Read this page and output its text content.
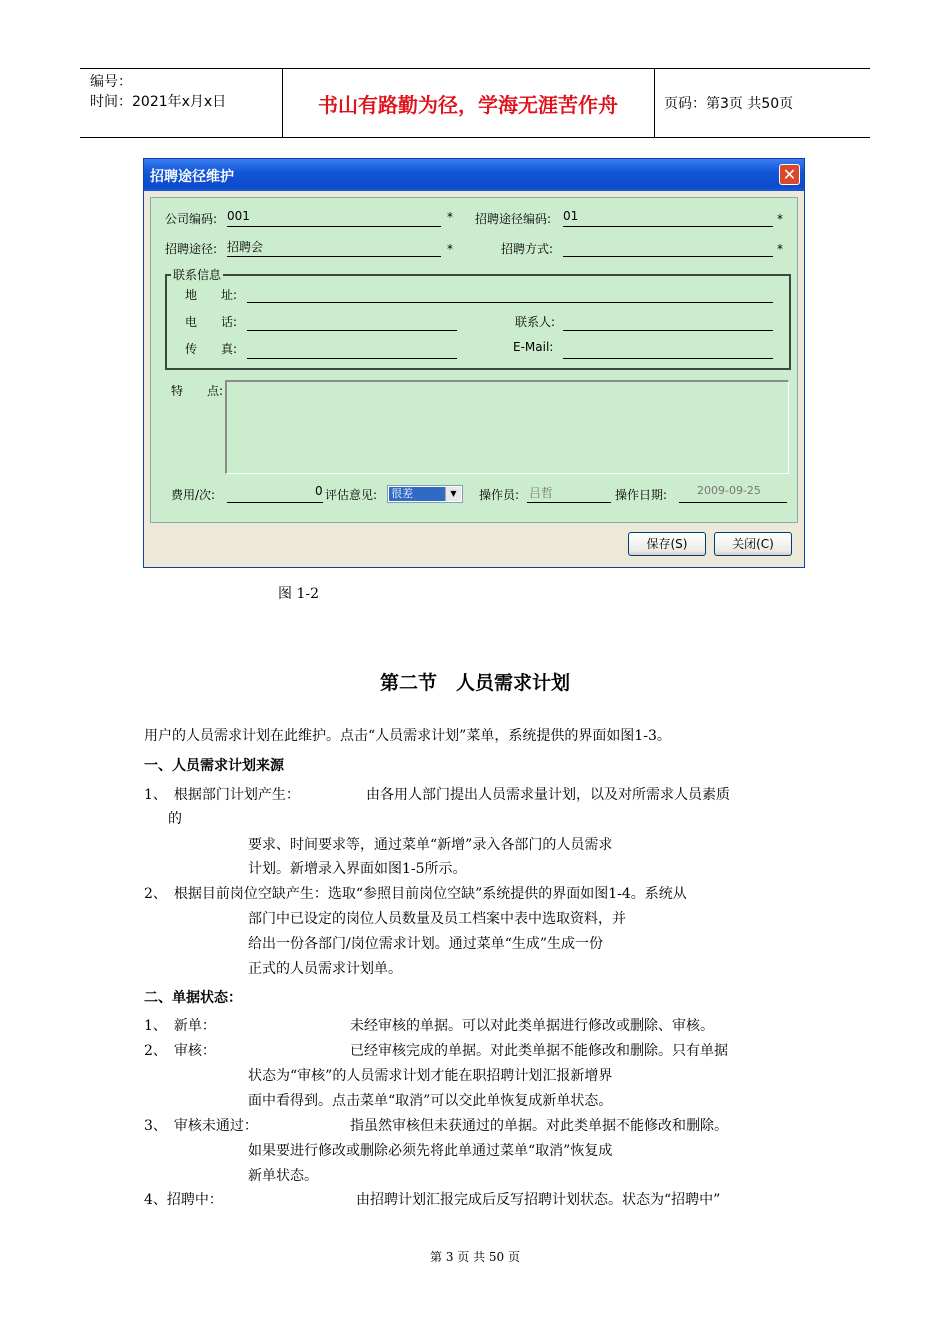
编号：
时间：2021年x月x日	书山有路勤为径，学海无涯苦作舟	页码：第3页 共50页
招聘途径维护	✕
公司编码: 001	* 招聘途径编码: 01	*
招聘途径: 招聘会	*	招聘方式:	*
联系信息
地　　址:
电　　话:	联系人:
传　　真:	E-Mail:
特　　点:
费用/次:	0 评估意见: 很差	▼	操作员: 吕哲	操作日期:	2009-09-25
保存(S)	关闭(C)
图 1-2
第二节　人员需求计划
用户的人员需求计划在此维护。点击“人员需求计划”菜单，系统提供的界面如图1-3。
一、人员需求计划来源
1、　根据部门计划产生：	由各用人部门提出人员需求量计划，以及对所需求人员素质
的
要求、时间要求等，通过菜单“新增”录入各部门的人员需求
计划。新增录入界面如图1-5所示。
2、　根据目前岗位空缺产生：选取“参照目前岗位空缺”系统提供的界面如图1-4。系统从
部门中已设定的岗位人员数量及员工档案中表中选取资料，并
给出一份各部门/岗位需求计划。通过菜单“生成”生成一份
正式的人员需求计划单。
二、单据状态：
1、　新单：	未经审核的单据。可以对此类单据进行修改或删除、审核。
2、　审核：	已经审核完成的单据。对此类单据不能修改和删除。只有单据
状态为“审核”的人员需求计划才能在职招聘计划汇报新增界
面中看得到。点击菜单“取消”可以交此单恢复成新单状态。
3、　审核未通过：	指虽然审核但未获通过的单据。对此类单据不能修改和删除。
如果要进行修改或删除必须先将此单通过菜单“取消”恢复成
新单状态。
4、招聘中：	由招聘计划汇报完成后反写招聘计划状态。状态为“招聘中”
第 3 页 共 50 页
